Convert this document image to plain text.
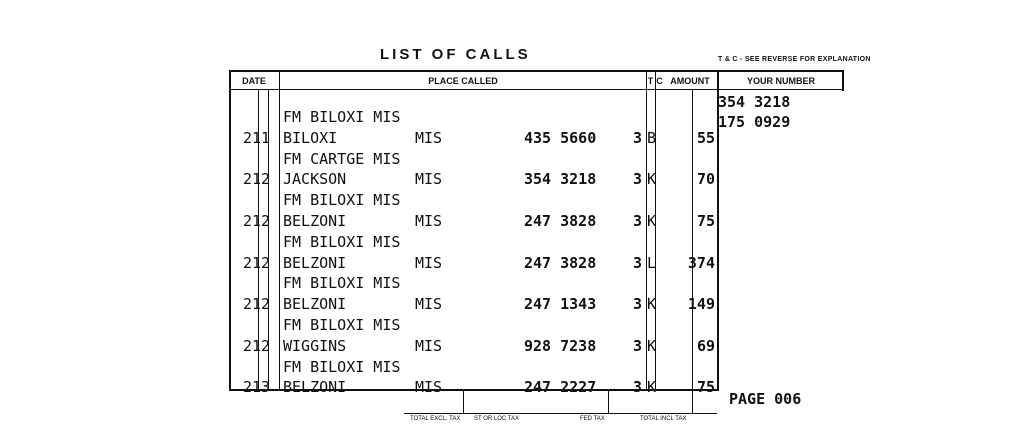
LIST OF CALLS	T & C - SEE REVERSE FOR EXPLANATION
DATE	PLACE CALLED	T C AMOUNT	YOUR NUMBER
354 3218
175 0929
FM BILOXI MIS
211 BILOXI	MIS	435 5660 3 B	55
FM CARTGE MIS
212 JACKSON	MIS	354 3218 3 K	70
FM BILOXI MIS
212 BELZONI	MIS	247 3828 3 K	75
FM BILOXI MIS
212 BELZONI	MIS	247 3828 3 L 374
FM BILOXI MIS
212 BELZONI	MIS	247 1343 3 K 149
FM BILOXI MIS
212 WIGGINS	MIS	928 7238 3 K	69
FM BILOXI MIS
213 BELZONI	MIS	247 2227 3 K	75
PAGE 006
TOTAL EXCL. TAX ST OR LOC TAX	FED TAX	TOTAL INCL TAX
